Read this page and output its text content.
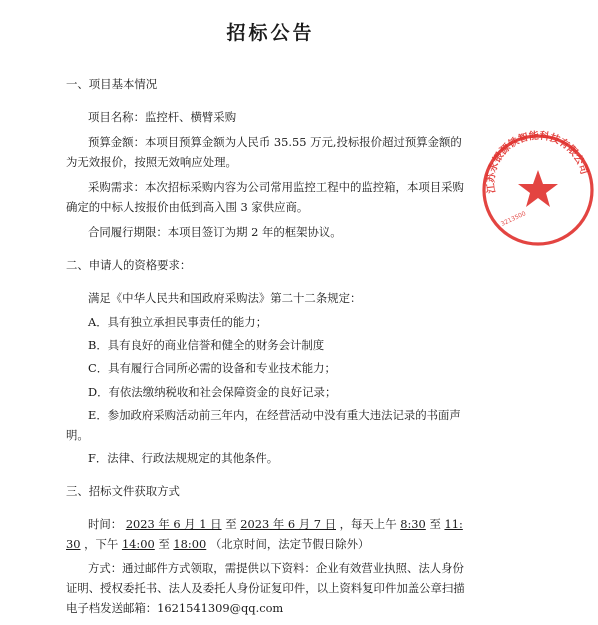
招标公告
一、项目基本情况
项目名称：监控杆、横臂采购
预算金额：本项目预算金额为人民币 35.55 万元,投标报价超过预算金额的
为无效报价，按照无效响应处理。
采购需求：本次招标采购内容为公司常用监控工程中的监控箱，本项目采购
确定的中标人按报价由低到高入围 3 家供应商。
合同履行期限：本项目签订为期 2 年的框架协议。
二、申请人的资格要求：
满足《中华人民共和国政府采购法》第二十二条规定：
A．具有独立承担民事责任的能力；
B．具有良好的商业信誉和健全的财务会计制度
C．具有履行合同所必需的设备和专业技术能力；
D．有依法缴纳税收和社会保障资金的良好记录；
E．参加政府采购活动前三年内，在经营活动中没有重大违法记录的书面声
明。
F．法律、行政法规规定的其他条件。
三、招标文件获取方式
时间： 2023 年 6 月 1 日 至 2023 年 6 月 7 日 ，每天上午 8:30 至 11:
30 ，下午 14:00 至 18:00 （北京时间，法定节假日除外）
方式：通过邮件方式领取，需提供以下资料：企业有效营业执照、法人身份
证明、授权委托书、法人及委托人身份证复印件，以上资料复印件加盖公章扫描
电子档发送邮箱：1621541309@qq.com
江苏永银源铁智能科技有限公司
3213500
